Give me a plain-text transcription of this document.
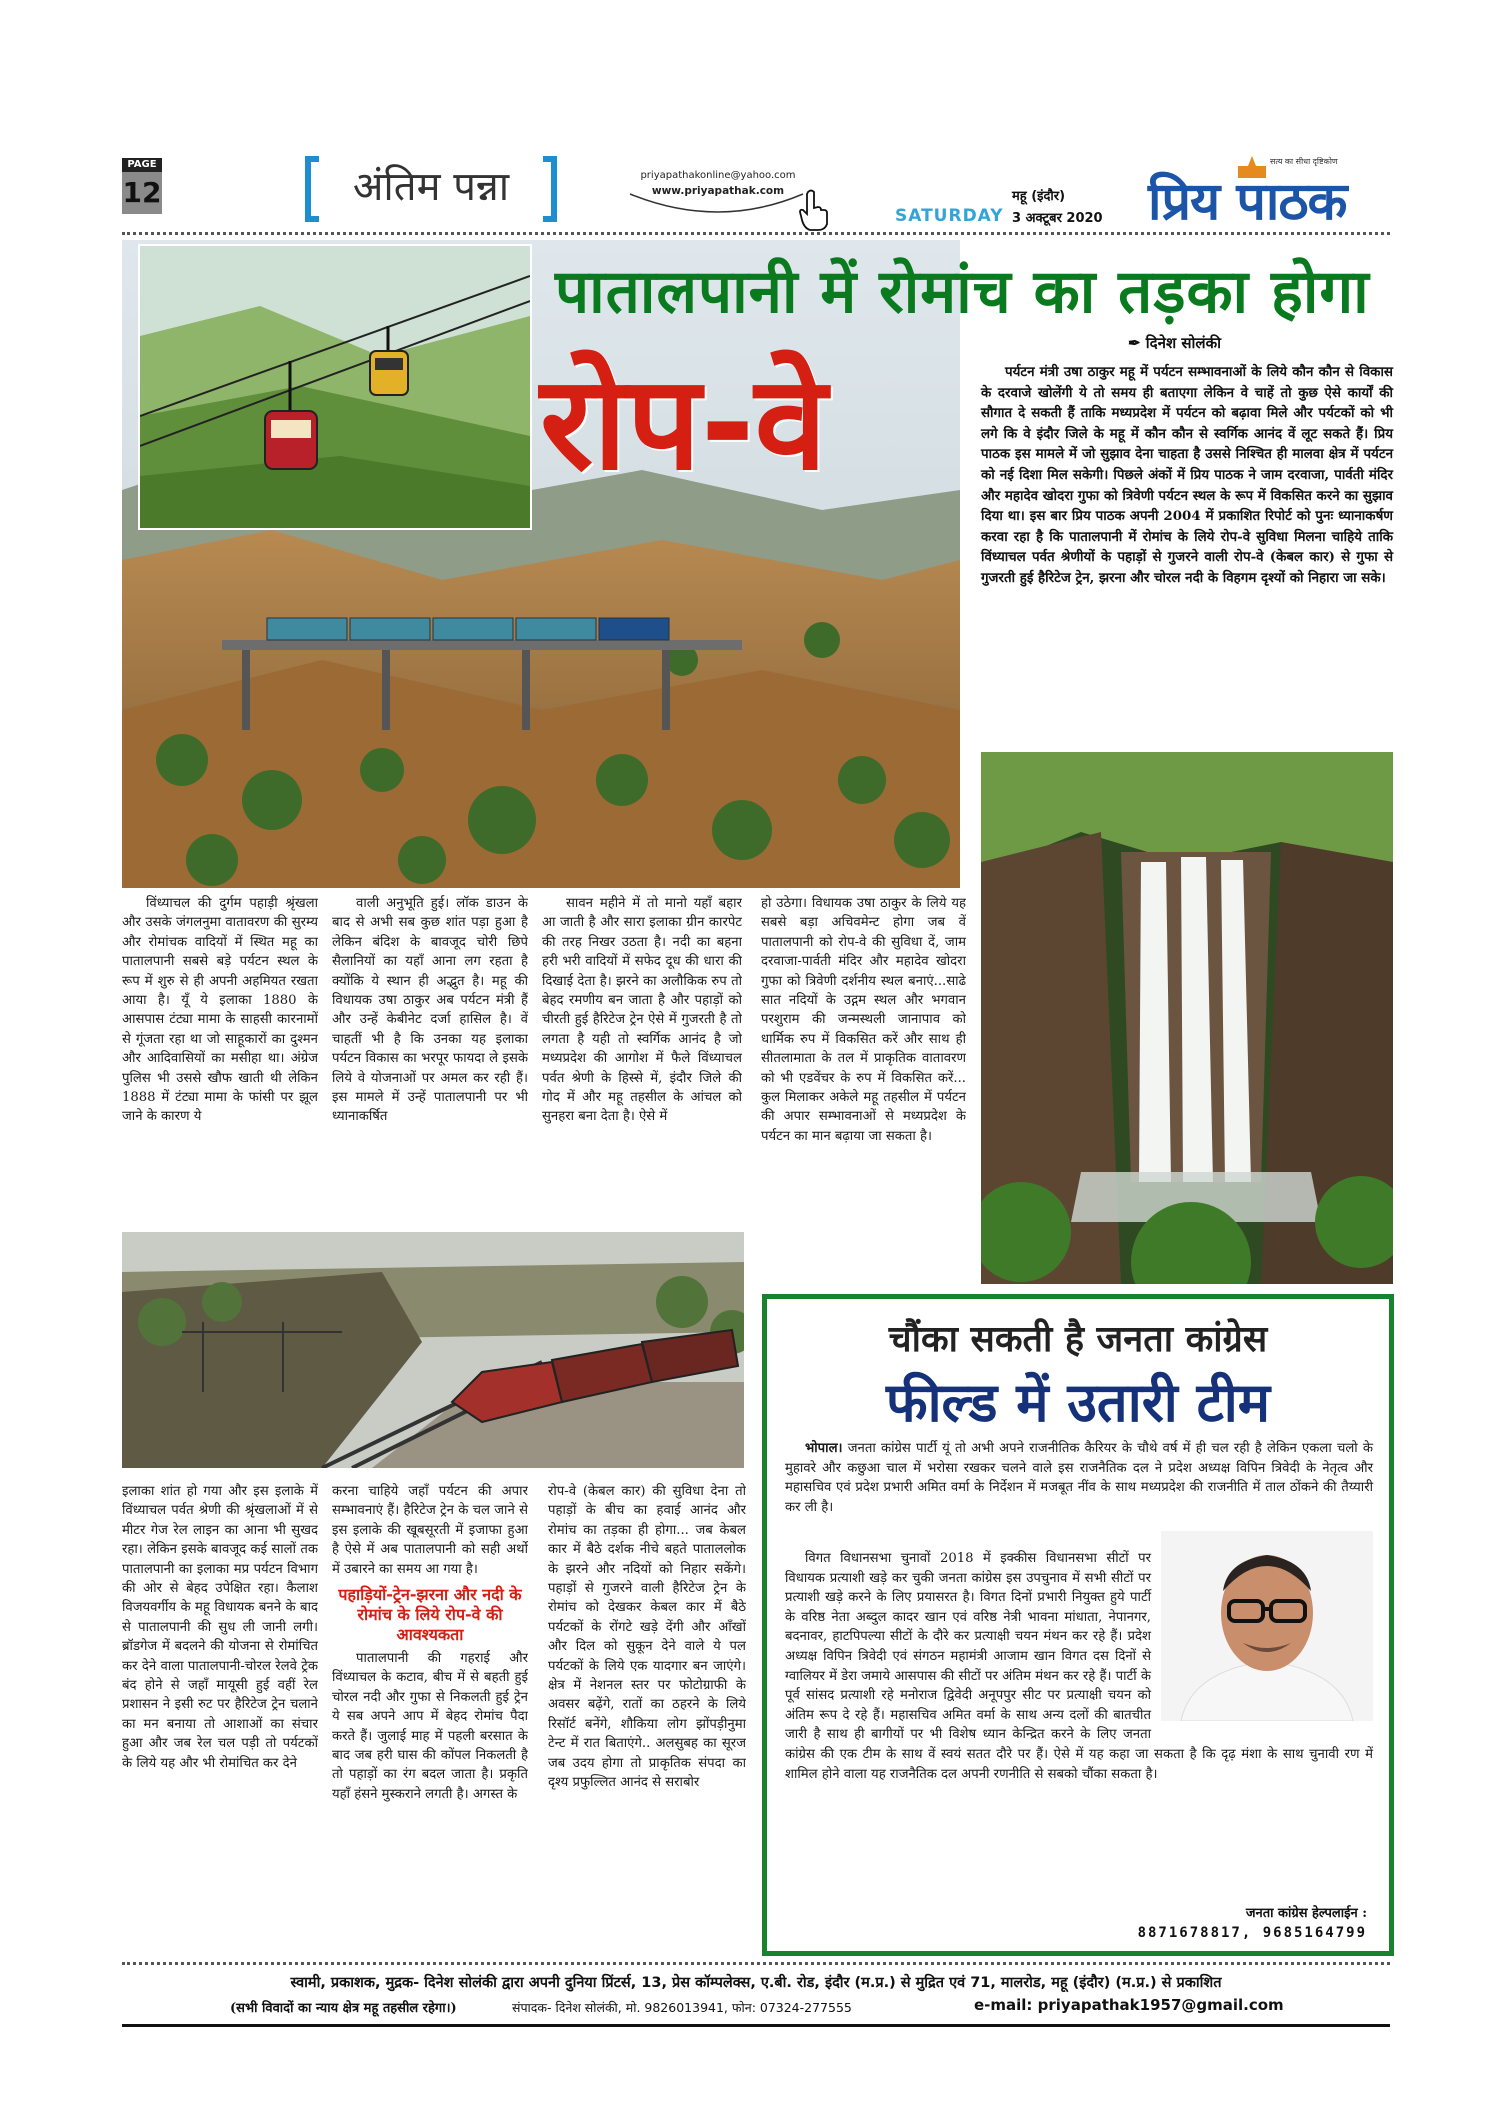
PAGE
12	अंतिम पन्ना	priyapathakonline@yahoo.com
www.priyapathak.com
SATURDAY
महू (इंदौर)
3 अक्टूबर 2020
सत्य का सीधा दृष्टिकोण
प्रिय पाठक
पातालपानी में रोमांच का तड़का होगा
रोप-वे
✒ दिनेश सोलंकी
पर्यटन मंत्री उषा ठाकुर महू में पर्यटन सम्भावनाओं के लिये कौन कौन से विकास के दरवाजे खोलेंगी ये तो समय ही बताएगा लेकिन वे चाहें तो कुछ ऐसे कार्यों की सौगात दे सकती हैं ताकि मध्यप्रदेश में पर्यटन को बढ़ावा मिले और पर्यटकों को भी लगे कि वे इंदौर जिले के महू में कौन कौन से स्वर्गिक आनंद वें लूट सकते हैं। प्रिय पाठक इस मामले में जो सुझाव देना चाहता है उससे निश्चित ही मालवा क्षेत्र में पर्यटन को नई दिशा मिल सकेगी। पिछले अंकों में प्रिय पाठक ने जाम दरवाजा, पार्वती मंदिर और महादेव खोदरा गुफा को त्रिवेणी पर्यटन स्थल के रूप में विकसित करने का सुझाव दिया था। इस बार प्रिय पाठक अपनी 2004 में प्रकाशित रिपोर्ट को पुनः ध्यानाकर्षण करवा रहा है कि पातालपानी में रोमांच के लिये रोप-वे सुविधा मिलना चाहिये ताकि विंध्याचल पर्वत श्रेणीयों के पहाड़ों से गुजरने वाली रोप-वे (केबल कार) से गुफा से गुजरती हुई हैरिटेज ट्रेन, झरना और चोरल नदी के विहगम दृश्यों को निहारा जा सके।

विंध्याचल की दुर्गम पहाड़ी श्रृंखला और उसके जंगलनुमा वातावरण की सुरम्य और रोमांचक वादियों में स्थित महू का पातालपानी सबसे बड़े पर्यटन स्थल के रूप में शुरु से ही अपनी अहमियत रखता आया है। यूँ ये इलाका 1880 के आसपास टंट्या मामा के साहसी कारनामों से गूंजता रहा था जो साहूकारों का दुश्मन और आदिवासियों का मसीहा था। अंग्रेज पुलिस भी उससे खौफ खाती थी लेकिन 1888 में टंट्या मामा के फांसी पर झूल जाने के कारण ये

वाली अनुभूति हुई। लॉक डाउन के बाद से अभी सब कुछ शांत पड़ा हुआ है लेकिन बंदिश के बावजूद चोरी छिपे सैलानियों का यहाँ आना लग रहता है क्योंकि ये स्थान ही अद्भुत है। महू की विधायक उषा ठाकुर अब पर्यटन मंत्री हैं और उन्हें केबीनेट दर्जा हासिल है। वें चाहतीं भी है कि उनका यह इलाका पर्यटन विकास का भरपूर फायदा ले इसके लिये वे योजनाओं पर अमल कर रही हैं। इस मामले में उन्हें पातालपानी पर भी ध्यानाकर्षित

सावन महीने में तो मानो यहाँ बहार आ जाती है और सारा इलाका ग्रीन कारपेट की तरह निखर उठता है। नदी का बहना हरी भरी वादियों में सफेद दूध की धारा की दिखाई देता है। झरने का अलौकिक रुप तो बेहद रमणीय बन जाता है और पहाड़ों को चीरती हुई हैरिटेज ट्रेन ऐसे में गुजरती है तो लगता है यही तो स्वर्गिक आनंद है जो मध्यप्रदेश की आगोश में फैले विंध्याचल पर्वत श्रेणी के हिस्से में, इंदौर जिले की गोद में और महू तहसील के आंचल को सुनहरा बना देता है। ऐसे में

हो उठेगा। विधायक उषा ठाकुर के लिये यह सबसे बड़ा अचिवमेन्ट होगा जब वें पातालपानी को रोप-वे की सुविधा दें, जाम दरवाजा-पार्वती मंदिर और महादेव खोदरा गुफा को त्रिवेणी दर्शनीय स्थल बनाएं...साढे सात नदियों के उद्गम स्थल और भगवान परशुराम की जन्मस्थली जानापाव को धार्मिक रुप में विकसित करें और साथ ही सीतलामाता के तल में प्राकृतिक वातावरण को भी एडवेंचर के रुप में विकसित करें... कुल मिलाकर अकेले महू तहसील में पर्यटन की अपार सम्भावनाओं से मध्यप्रदेश के पर्यटन का मान बढ़ाया जा सकता है।

इलाका शांत हो गया और इस इलाके में विंध्याचल पर्वत श्रेणी की श्रृंखलाओं में से मीटर गेज रेल लाइन का आना भी सुखद रहा। लेकिन इसके बावजूद कई सालों तक पातालपानी का इलाका मप्र पर्यटन विभाग की ओर से बेहद उपेक्षित रहा। कैलाश विजयवर्गीय के महू विधायक बनने के बाद से पातालपानी की सुध ली जानी लगी। ब्रॉडगेज में बदलने की योजना से रोमांचित कर देने वाला पातालपानी-चोरल रेलवे ट्रेक बंद होने से जहाँ मायूसी हुई वहीं रेल प्रशासन ने इसी रुट पर हैरिटेज ट्रेन चलाने का मन बनाया तो आशाओं का संचार हुआ और जब रेल चल पड़ी तो पर्यटकों के लिये यह और भी रोमांचित कर देने

करना चाहिये जहाँ पर्यटन की अपार सम्भावनाएं हैं। हैरिटेज ट्रेन के चल जाने से इस इलाके की खूबसूरती में इजाफा हुआ है ऐसे में अब पातालपानी को सही अर्थो में उबारने का समय आ गया है।

पहाड़ियों-ट्रेन-झरना और नदी के रोमांच के लिये रोप-वे की आवश्यकता

पातालपानी की गहराई और विंध्याचल के कटाव, बीच में से बहती हुई चोरल नदी और गुफा से निकलती हुई ट्रेन ये सब अपने आप में बेहद रोमांच पैदा करते हैं। जुलाई माह में पहली बरसात के बाद जब हरी घास की कोंपल निकलती है तो पहाड़ों का रंग बदल जाता है। प्रकृति यहाँ हंसने मुस्कराने लगती है। अगस्त के

रोप-वे (केबल कार) की सुविधा देना तो पहाड़ों के बीच का हवाई आनंद और रोमांच का तड़का ही होगा... जब केबल कार में बैठे दर्शक नीचे बहते पाताललोक के झरने और नदियों को निहार सकेंगे। पहाड़ों से गुजरने वाली हैरिटेज ट्रेन के रोमांच को देखकर केबल कार में बैठे पर्यटकों के रोंगटे खड़े देंगी और आँखों और दिल को सुकून देने वाले ये पल पर्यटकों के लिये एक यादगार बन जाएंगे। क्षेत्र में नेशनल स्तर पर फोटोग्राफी के अवसर बढ़ेंगे, रातों का ठहरने के लिये रिसॉर्ट बनेंगे, शौकिया लोग झोंपड़ीनुमा टेन्ट में रात बिताएंगे.. अलसुबह का सूरज जब उदय होगा तो प्राकृतिक संपदा का दृश्य प्रफुल्लित आनंद से सराबोर

चौंका सकती है जनता कांग्रेस
फील्ड में उतारी टीम
भोपाल। जनता कांग्रेस पार्टी यूं तो अभी अपने राजनीतिक कैरियर के चौथे वर्ष में ही चल रही है लेकिन एकला चलो के मुहावरे और कछुआ चाल में भरोसा रखकर चलने वाले इस राजनैतिक दल ने प्रदेश अध्यक्ष विपिन त्रिवेदी के नेतृत्व और महासचिव एवं प्रदेश प्रभारी अमित वर्मा के निर्देशन में मजबूत नींव के साथ मध्यप्रदेश की राजनीति में ताल ठोंकने की तैय्यारी कर ली है।
विगत विधानसभा चुनावों 2018 में इक्कीस विधानसभा सीटों पर विधायक प्रत्याशी खड़े कर चुकी जनता कांग्रेस इस उपचुनाव में सभी सीटों पर प्रत्याशी खड़े करने के लिए प्रयासरत है। विगत दिनों प्रभारी नियुक्त हुये पार्टी के वरिष्ठ नेता अब्दुल कादर खान एवं वरिष्ठ नेत्री भावना मांधाता, नेपानगर, बदनावर, हाटपिपल्या सीटों के दौरे कर प्रत्याक्षी चयन मंथन कर रहे हैं। प्रदेश अध्यक्ष विपिन त्रिवेदी एवं संगठन महामंत्री आजाम खान विगत दस दिनों से ग्वालियर में डेरा जमाये आसपास की सीटों पर अंतिम मंथन कर रहे हैं। पार्टी के पूर्व सांसद प्रत्याशी रहे मनोराज द्विवेदी अनूपपुर सीट पर प्रत्याक्षी चयन को अंतिम रूप दे रहे हैं। महासचिव अमित वर्मा के साथ अन्य दलों की बातचीत जारी है साथ ही बागीयों पर भी विशेष ध्यान केन्द्रित करने के लिए जनता कांग्रेस की एक टीम के साथ वें स्वयं सतत दौरे पर हैं। ऐसे में यह कहा जा सकता है कि दृढ़ मंशा के साथ चुनावी रण में शामिल होने वाला यह राजनैतिक दल अपनी रणनीति से सबको चौंका सकता है।
जनता कांग्रेस हेल्पलाईन :
8871678817, 9685164799
स्वामी, प्रकाशक, मुद्रक- दिनेश सोलंकी द्वारा अपनी दुनिया प्रिंटर्स, 13, प्रेस कॉम्पलेक्स, ए.बी. रोड, इंदौर (म.प्र.) से मुद्रित एवं 71, मालरोड, महू (इंदौर) (म.प्र.) से प्रकाशित
(सभी विवादों का न्याय क्षेत्र महू तहसील रहेगा।)	संपादक- दिनेश सोलंकी, मो. 9826013941, फोन: 07324-277555	e-mail: priyapathak1957@gmail.com
